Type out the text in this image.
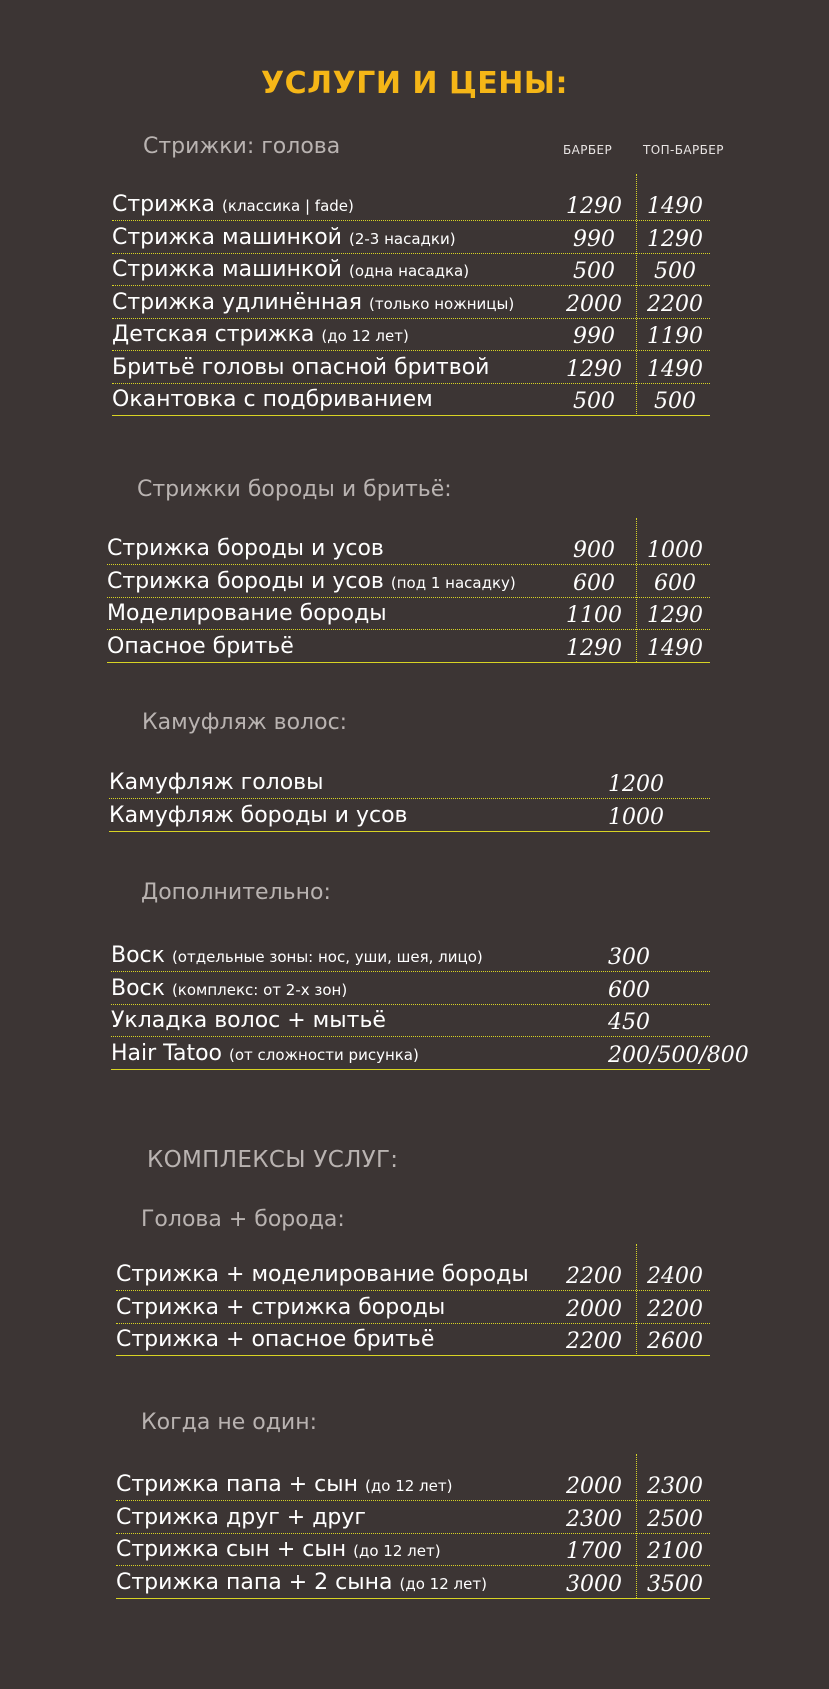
УСЛУГИ И ЦЕНЫ:
Стрижки: голова	БАРБЕР	ТОП-БАРБЕР
Стрижка (классика | fade)	1290	1490
Стрижка машинкой (2-3 насадки)	990	1290
Стрижка машинкой (одна насадка)	500	500
Стрижка удлинённая (только ножницы)	2000	2200
Детская стрижка (до 12 лет)	990	1190
Бритьё головы опасной бритвой	1290	1490
Окантовка с подбриванием	500	500
Стрижки бороды и бритьё:
Стрижка бороды и усов	900	1000
Стрижка бороды и усов (под 1 насадку)	600	600
Моделирование бороды	1100	1290
Опасное бритьё	1290	1490
Камуфляж волос:
Камуфляж головы	1200
Камуфляж бороды и усов	1000
Дополнительно:
Воск (отдельные зоны: нос, уши, шея, лицо)	300
Воск (комплекс: от 2-х зон)	600
Укладка волос + мытьё	450
Hair Tatoo (от сложности рисунка)	200/500/800
КОМПЛЕКСЫ УСЛУГ:
Голова + борода:
Стрижка + моделирование бороды	2200	2400
Стрижка + стрижка бороды	2000	2200
Стрижка + опасное бритьё	2200	2600
Когда не один:
Стрижка папа + сын (до 12 лет)	2000	2300
Стрижка друг + друг	2300	2500
Стрижка сын + сын (до 12 лет)	1700	2100
Стрижка папа + 2 сына (до 12 лет)	3000	3500
